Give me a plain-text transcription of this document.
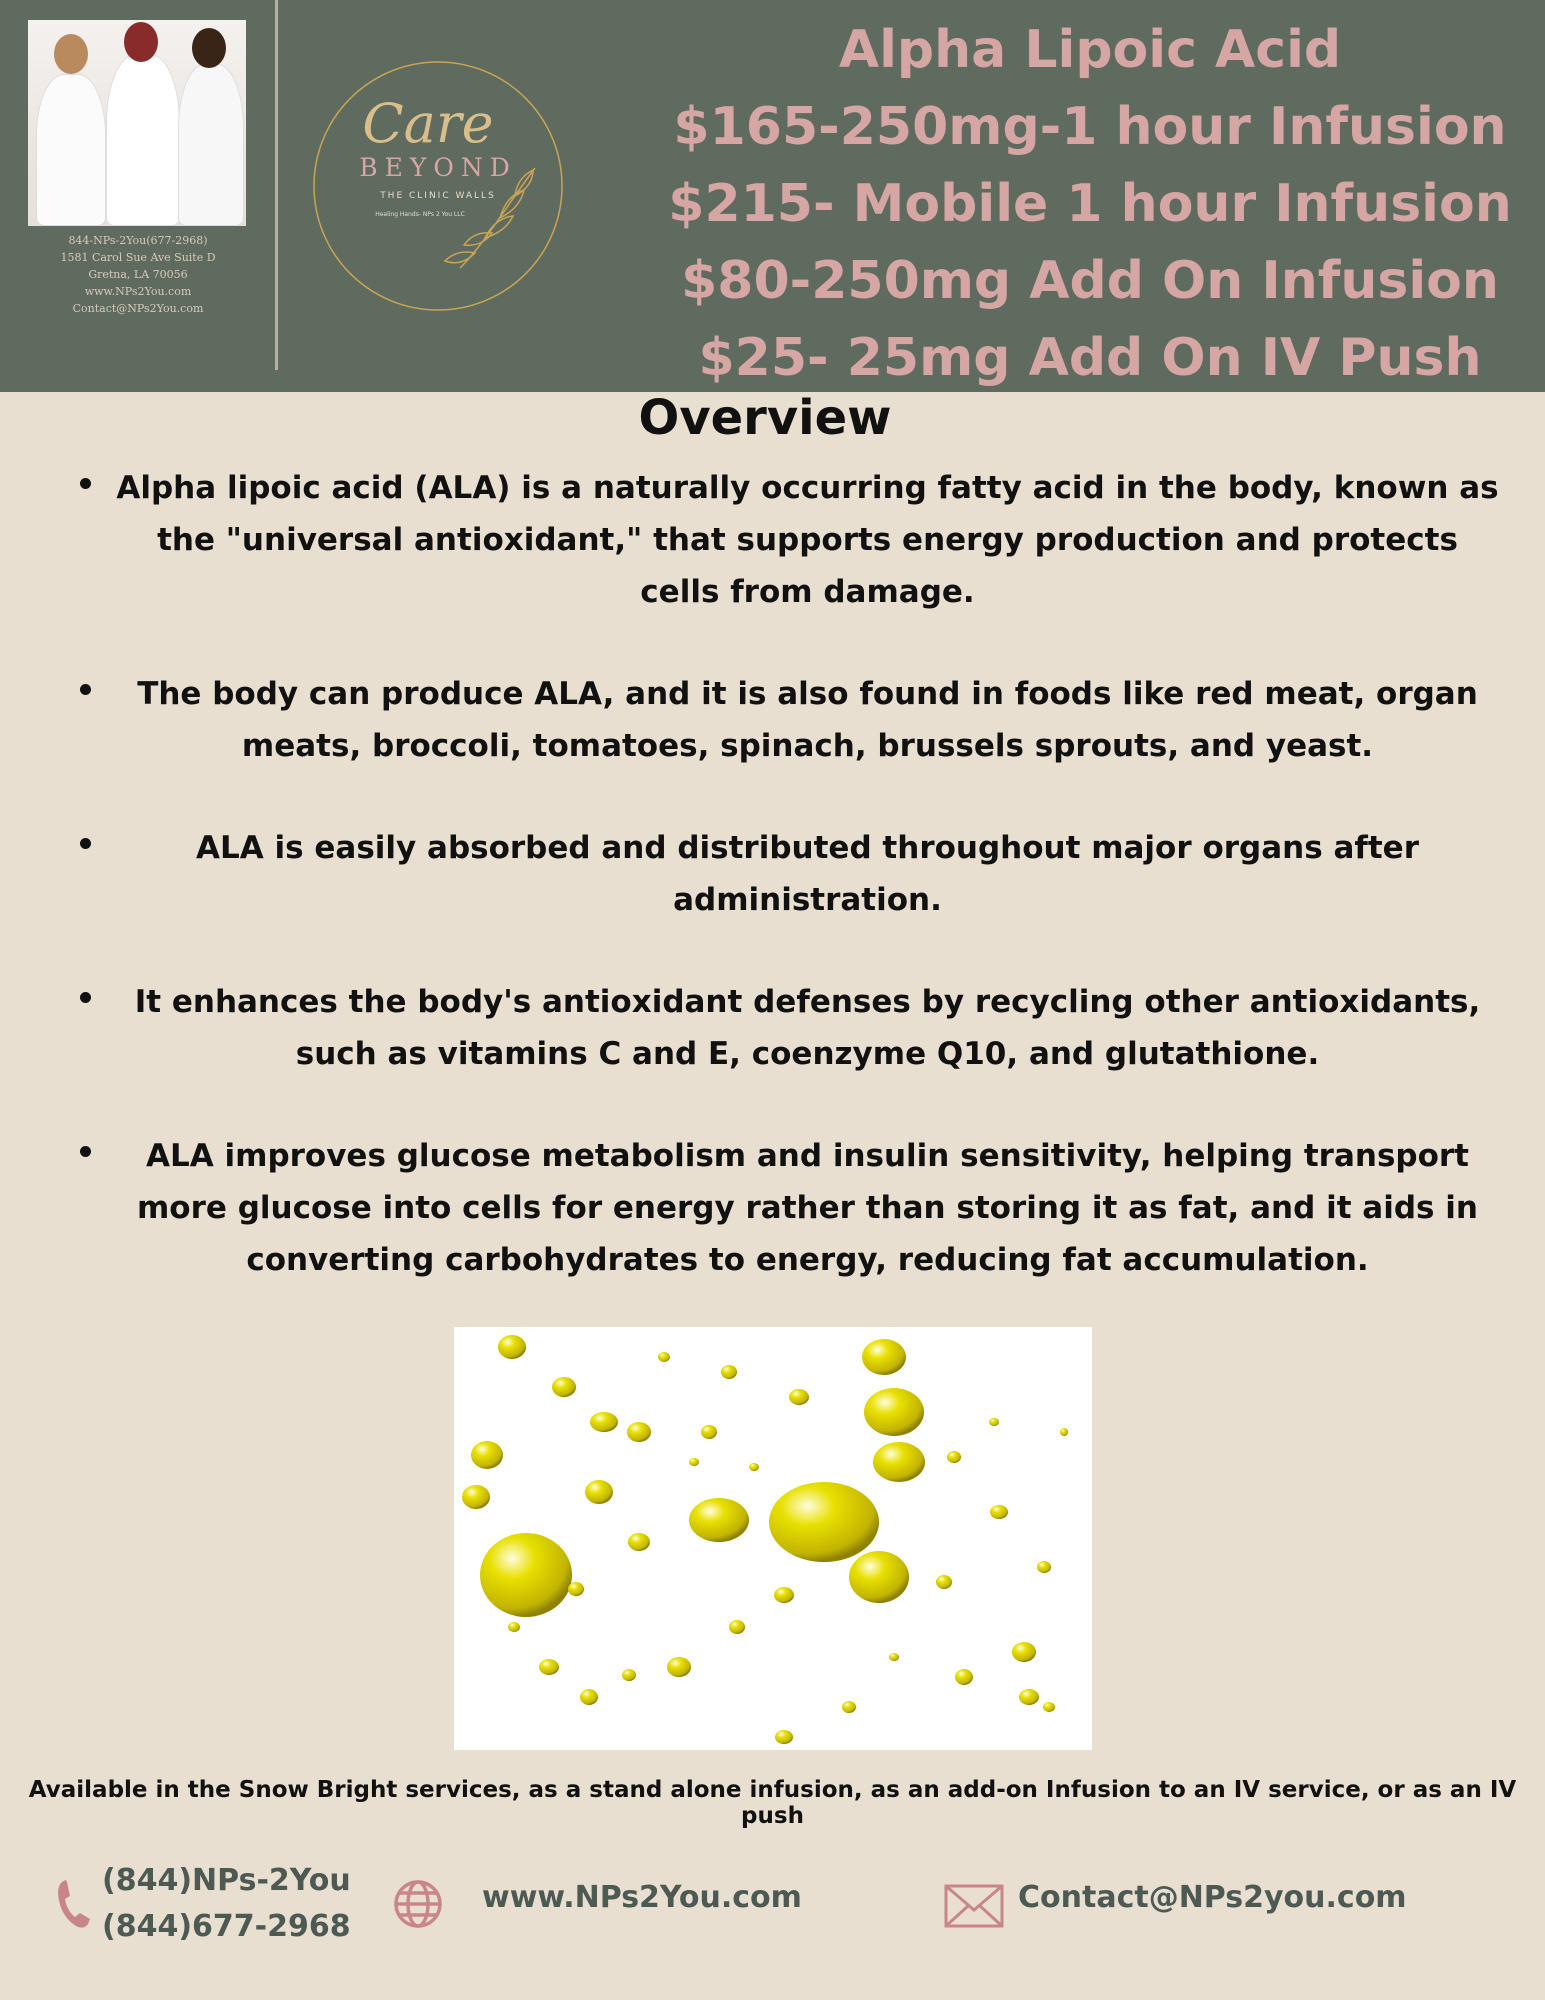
844-NPs-2You(677-2968)
1581 Carol Sue Ave Suite D
Gretna, LA 70056
www.NPs2You.com
Contact@NPs2You.com
Care
BEYOND
THE CLINIC WALLS
Healing Hands- NPs 2 You LLC
Alpha Lipoic Acid
$165-250mg-1 hour Infusion
$215- Mobile 1 hour Infusion
$80-250mg Add On Infusion
$25- 25mg Add On IV Push
Overview
Alpha lipoic acid (ALA) is a naturally occurring fatty acid in the body, known as the "universal antioxidant," that supports energy production and protects cells from damage.
The body can produce ALA, and it is also found in foods like red meat, organ meats, broccoli, tomatoes, spinach, brussels sprouts, and yeast.
ALA is easily absorbed and distributed throughout major organs after administration.
It enhances the body's antioxidant defenses by recycling other antioxidants, such as vitamins C and E, coenzyme Q10, and glutathione.
ALA improves glucose metabolism and insulin sensitivity, helping transport more glucose into cells for energy rather than storing it as fat, and it aids in converting carbohydrates to energy, reducing fat accumulation.
Available in the Snow Bright services, as a stand alone infusion, as an add-on Infusion to an IV service, or as an IV push
(844)NPs-2You
(844)677-2968
www.NPs2You.com	Contact@NPs2you.com
